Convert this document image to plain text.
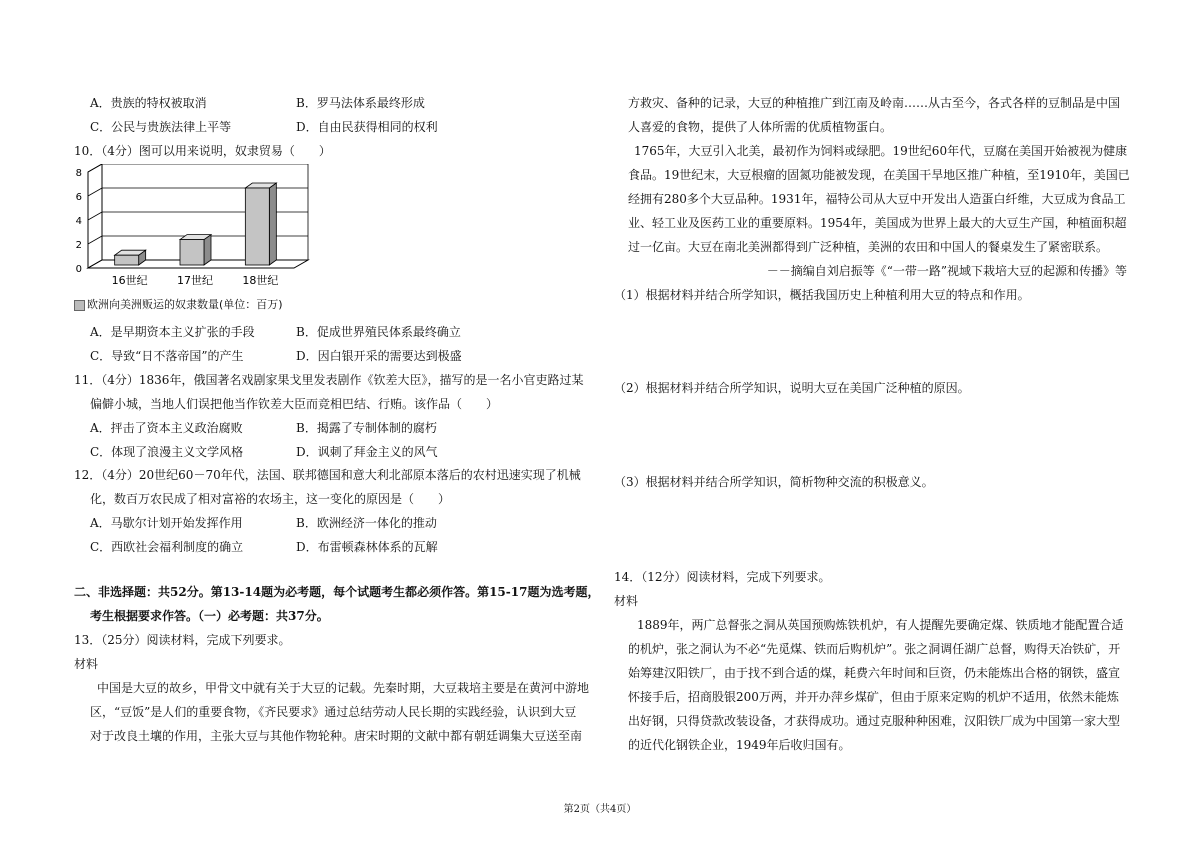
A．贵族的特权被取消	B．罗马法体系最终形成
C．公民与贵族法律上平等	D．自由民获得相同的权利
10．（4分）图可以用来说明，奴隶贸易（　　）
0
2
4
6
8
16世纪	17世纪	18世纪
欧洲向美洲贩运的奴隶数量(单位：百万)
A．是早期资本主义扩张的手段	B．促成世界殖民体系最终确立
C．导致“日不落帝国”的产生	D．因白银开采的需要达到极盛
11．（4分）1836年，俄国著名戏剧家果戈里发表剧作《钦差大臣》，描写的是一名小官吏路过某
偏僻小城，当地人们误把他当作钦差大臣而竞相巴结、行贿。该作品（　　）
A．抨击了资本主义政治腐败	B．揭露了专制体制的腐朽
C．体现了浪漫主义文学风格	D．讽刺了拜金主义的风气
12．（4分）20世纪60－70年代，法国、联邦德国和意大利北部原本落后的农村迅速实现了机械
化，数百万农民成了相对富裕的农场主，这一变化的原因是（　　）
A．马歇尔计划开始发挥作用	B．欧洲经济一体化的推动
C．西欧社会福利制度的确立	D．布雷顿森林体系的瓦解
二、非选择题：共52分。第13-14题为必考题，每个试题考生都必须作答。第15-17题为选考题，
考生根据要求作答。（一）必考题：共37分。
13．（25分）阅读材料，完成下列要求。
材料
中国是大豆的故乡，甲骨文中就有关于大豆的记载。先秦时期，大豆栽培主要是在黄河中游地
区，“豆饭”是人们的重要食物，《齐民要求》通过总结劳动人民长期的实践经验，认识到大豆
对于改良土壤的作用，主张大豆与其他作物轮种。唐宋时期的文献中都有朝廷调集大豆送至南
方救灾、备种的记录，大豆的种植推广到江南及岭南……从古至今，各式各样的豆制品是中国
人喜爱的食物，提供了人体所需的优质植物蛋白。
1765年，大豆引入北美，最初作为饲料或绿肥。19世纪60年代，豆腐在美国开始被视为健康
食品。19世纪末，大豆根瘤的固氮功能被发现，在美国干旱地区推广种植，至1910年，美国已
经拥有280多个大豆品种。1931年，福特公司从大豆中开发出人造蛋白纤维，大豆成为食品工
业、轻工业及医药工业的重要原料。1954年，美国成为世界上最大的大豆生产国，种植面积超
过一亿亩。大豆在南北美洲都得到广泛种植，美洲的农田和中国人的餐桌发生了紧密联系。
－－摘编自刘启振等《“一带一路”视域下栽培大豆的起源和传播》等
（1）根据材料并结合所学知识，概括我国历史上种植利用大豆的特点和作用。
（2）根据材料并结合所学知识，说明大豆在美国广泛种植的原因。
（3）根据材料并结合所学知识，简析物种交流的积极意义。
14．（12分）阅读材料，完成下列要求。
材料
1889年，两广总督张之洞从英国预购炼铁机炉，有人提醒先要确定煤、铁质地才能配置合适
的机炉，张之洞认为不必“先觅煤、铁而后购机炉”。张之洞调任湖广总督，购得天冶铁矿，开
始筹建汉阳铁厂，由于找不到合适的煤，耗费六年时间和巨资，仍未能炼出合格的钢铁，盛宣
怀接手后，招商股银200万两，并开办萍乡煤矿，但由于原来定购的机炉不适用，依然未能炼
出好钢，只得贷款改装设备，才获得成功。通过克服种种困难，汉阳铁厂成为中国第一家大型
的近代化钢铁企业，1949年后收归国有。
第2页（共4页）
